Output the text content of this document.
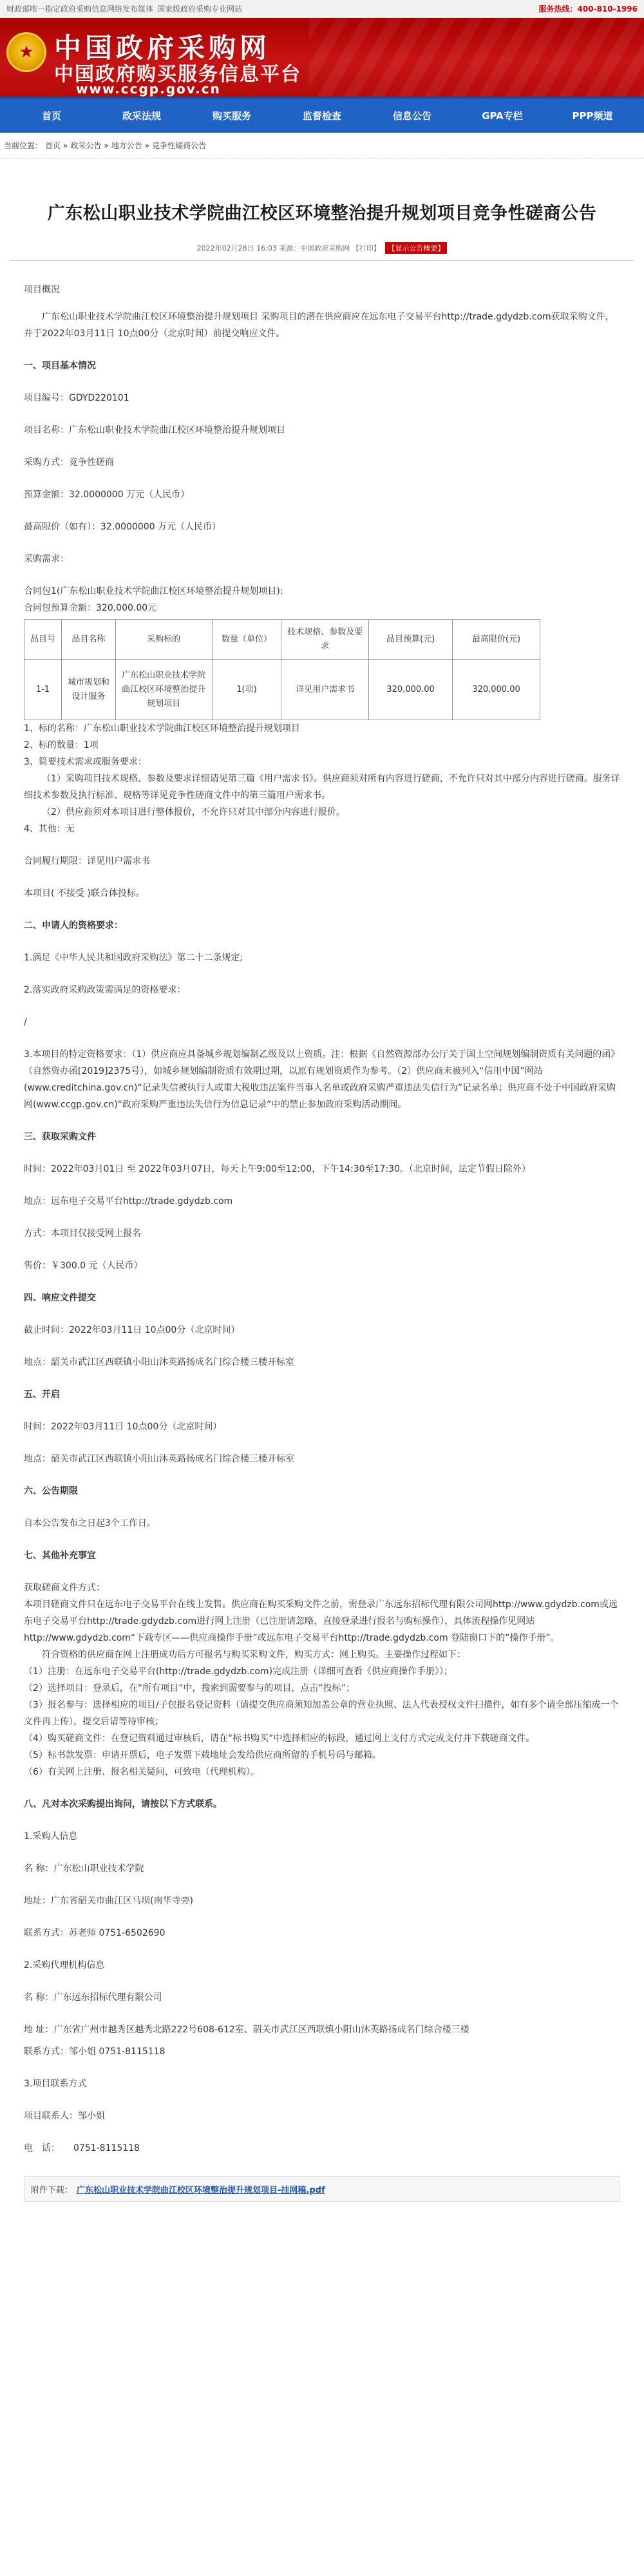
财政部唯一指定政府采购信息网络发布媒体 国家级政府采购专业网站	服务热线：400-810-1996
★ 中国政府采购网
中国政府购买服务信息平台
www.ccgp.gov.cn
首页	政采法规	购买服务	监督检查	信息公告	GPA专栏	PPP频道
当前位置： 首页 » 政采公告 » 地方公告 » 竞争性磋商公告
广东松山职业技术学院曲江校区环境整治提升规划项目竞争性磋商公告
2022年02月28日 16:03 来源：中国政府采购网 【打印】 【显示公告概要】

项目概况

广东松山职业技术学院曲江校区环境整治提升规划项目 采购项目的潜在供应商应在远东电子交易平台http://trade.gdydzb.com获取采购文件，并于2022年03月11日 10点00分（北京时间）前提交响应文件。

一、项目基本情况

项目编号：GDYD220101

项目名称：广东松山职业技术学院曲江校区环境整治提升规划项目

采购方式：竞争性磋商

预算金额：32.0000000 万元（人民币）

最高限价（如有）：32.0000000 万元（人民币）

采购需求：

合同包1(广东松山职业技术学院曲江校区环境整治提升规划项目):

合同包预算金额：320,000.00元

品目号	品目名称	采购标的	数量（单位）	技术规格、参数及要求	品目预算(元)	最高限价(元)
1-1	城市规划和设计服务	广东松山职业技术学院曲江校区环境整治提升规划项目	1(项)	详见用户需求书	320,000.00	320,000.00

1、标的名称：广东松山职业技术学院曲江校区环境整治提升规划项目

2、标的数量：1项

3、简要技术需求或服务要求：

（1）采购项目技术规格、参数及要求详细请见第三篇《用户需求书》。供应商须对所有内容进行磋商，不允许只对其中部分内容进行磋商。服务详细技术参数及执行标准、规格等详见竞争性磋商文件中的第三篇用户需求书。

（2）供应商须对本项目进行整体报价，不允许只对其中部分内容进行报价。

4、其他：无

合同履行期限：详见用户需求书

本项目( 不接受 )联合体投标。

二、申请人的资格要求：

1.满足《中华人民共和国政府采购法》第二十二条规定;

2.落实政府采购政策需满足的资格要求：

/

3.本项目的特定资格要求：（1）供应商应具备城乡规划编制乙级及以上资质。注：根据《自然资源部办公厅关于国土空间规划编制资质有关问题的函》（自然资办函[2019]2375号），如城乡规划编制资质有效期过期，以原有规划资质作为参考。（2）供应商未被列入“信用中国”网站(www.creditchina.gov.cn)“记录失信被执行人或重大税收违法案件当事人名单或政府采购严重违法失信行为”记录名单；供应商不处于中国政府采购网(www.ccgp.gov.cn)“政府采购严重违法失信行为信息记录”中的禁止参加政府采购活动期间。

三、获取采购文件

时间：2022年03月01日 至 2022年03月07日，每天上午9:00至12:00，下午14:30至17:30。（北京时间，法定节假日除外）

地点：远东电子交易平台http://trade.gdydzb.com

方式：本项目仅接受网上报名

售价：￥300.0 元（人民币）

四、响应文件提交

截止时间：2022年03月11日 10点00分（北京时间）

地点：韶关市武江区西联镇小阳山沐英路扬成名门综合楼三楼开标室

五、开启

时间：2022年03月11日 10点00分（北京时间）

地点：韶关市武江区西联镇小阳山沐英路扬成名门综合楼三楼开标室

六、公告期限

自本公告发布之日起3个工作日。

七、其他补充事宜

获取磋商文件方式：

本项目磋商文件只在远东电子交易平台在线上发售。供应商在购买采购文件之前，需登录广东远东招标代理有限公司网http://www.gdydzb.com或远东电子交易平台http://trade.gdydzb.com进行网上注册（已注册请忽略，直接登录进行报名与购标操作），具体流程操作见网站http://www.gdydzb.com“下载专区——供应商操作手册”或远东电子交易平台http://trade.gdydzb.com 登陆窗口下的“操作手册”。

符合资格的供应商在网上注册成功后方可报名与购买采购文件，购买方式：网上购买。主要操作过程如下：

（1）注册：在远东电子交易平台(http://trade.gdydzb.com)完成注册（详细可查看《供应商操作手册》）；

（2）选择项目：登录后，在“所有项目”中，搜索到需要参与的项目，点击“投标”；

（3）报名参与：选择相应的项目/子包报名登记资料（请提交供应商须知加盖公章的营业执照、法人代表授权文件扫描件，如有多个请全部压缩成一个文件再上传），提交后请等待审核；

（4）购买磋商文件：在登记资料通过审核后，请在“标书购买”中选择相应的标段，通过网上支付方式完成支付并下载磋商文件。

（5）标书款发票：申请开票后，电子发票下载地址会发给供应商所留的手机号码与邮箱。

（6）有关网上注册、报名相关疑问，可致电（代理机构）。

八、凡对本次采购提出询问，请按以下方式联系。

1.采购人信息

名 称：广东松山职业技术学院

地址：广东省韶关市曲江区马坝(南华寺旁)

联系方式：苏老师 0751-6502690

2.采购代理机构信息

名 称：广东远东招标代理有限公司

地 址：广东省广州市越秀区越秀北路222号608-612室、韶关市武江区西联镇小阳山沐英路扬成名门综合楼三楼

联系方式：邹小姐 0751-8115118

3.项目联系方式

项目联系人：邹小姐

电　话：　　0751-8115118

附件下载： 广东松山职业技术学院曲江校区环境整治提升规划项目-挂网稿.pdf
